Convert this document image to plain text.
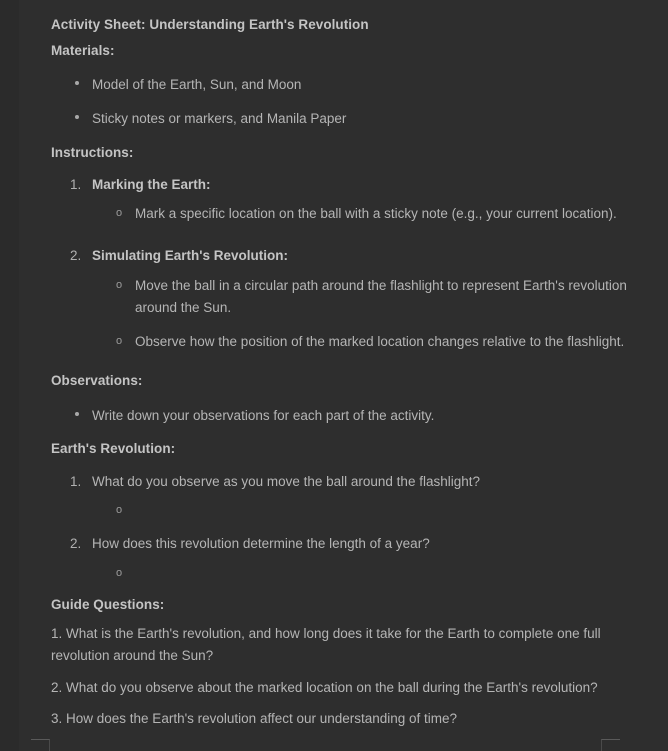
Activity Sheet: Understanding Earth's Revolution
Materials:
Model of the Earth, Sun, and Moon
Sticky notes or markers, and Manila Paper
Instructions:
Marking the Earth:
o Mark a specific location on the ball with a sticky note (e.g., your current location).
Simulating Earth's Revolution:
o Move the ball in a circular path around the flashlight to represent Earth's revolution around the Sun.
o Observe how the position of the marked location changes relative to the flashlight.
Observations:
Write down your observations for each part of the activity.
Earth's Revolution:
What do you observe as you move the ball around the flashlight?
o
How does this revolution determine the length of a year?
o
Guide Questions:

1. What is the Earth's revolution, and how long does it take for the Earth to complete one full revolution around the Sun?

2. What do you observe about the marked location on the ball during the Earth's revolution?

3. How does the Earth's revolution affect our understanding of time?
